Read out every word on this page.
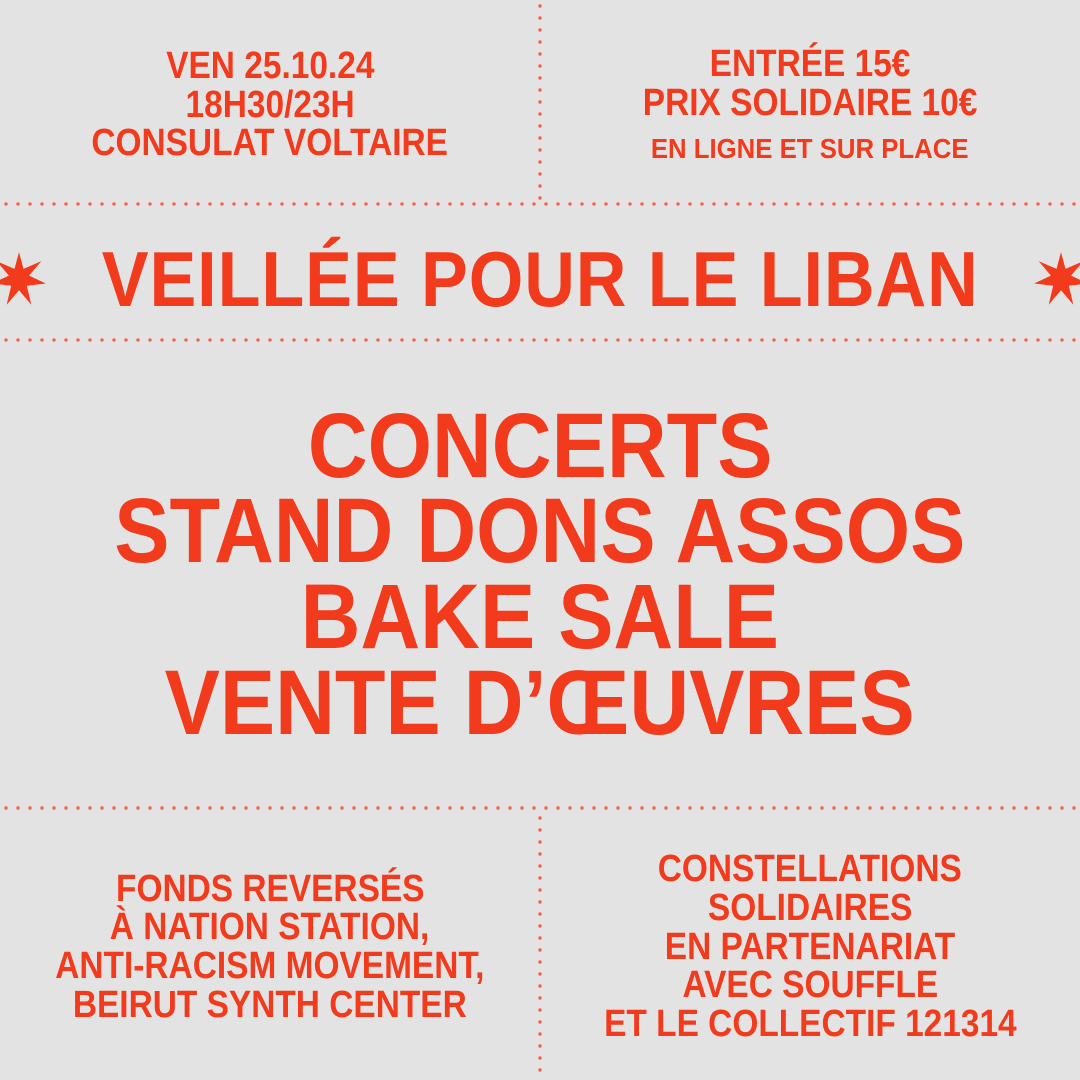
VEN 25.10.24
18H30/23H
CONSULAT VOLTAIRE
ENTRÉE 15€
PRIX SOLIDAIRE 10€
EN LIGNE ET SUR PLACE
VEILLÉE POUR LE LIBAN
CONCERTS
STAND DONS ASSOS
BAKE SALE
VENTE D’ŒUVRES
FONDS REVERSÉS
À NATION STATION,
ANTI-RACISM MOVEMENT,
BEIRUT SYNTH CENTER
CONSTELLATIONS
SOLIDAIRES
EN PARTENARIAT
AVEC SOUFFLE
ET LE COLLECTIF 121314
